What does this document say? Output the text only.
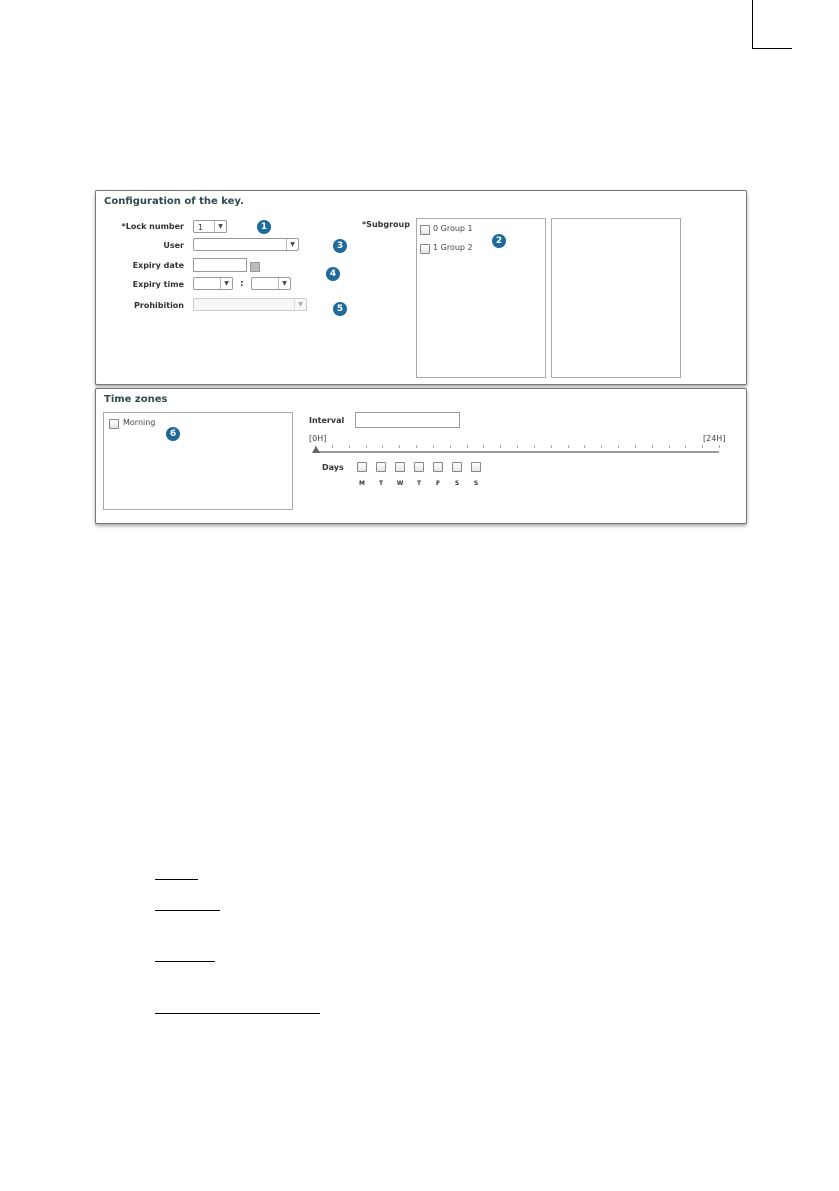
Configuration of the key.
*Lock number	1	▼	1
User	▼	3
Expiry date
Expiry time	▼	:	▼
4
Prohibition	▼	5
*Subgroup	0 Group 1
1 Group 2
2
Time zones
Morning
6
Interval
[0H]	[24H]
Days
M	T	W	T	F	S	S
